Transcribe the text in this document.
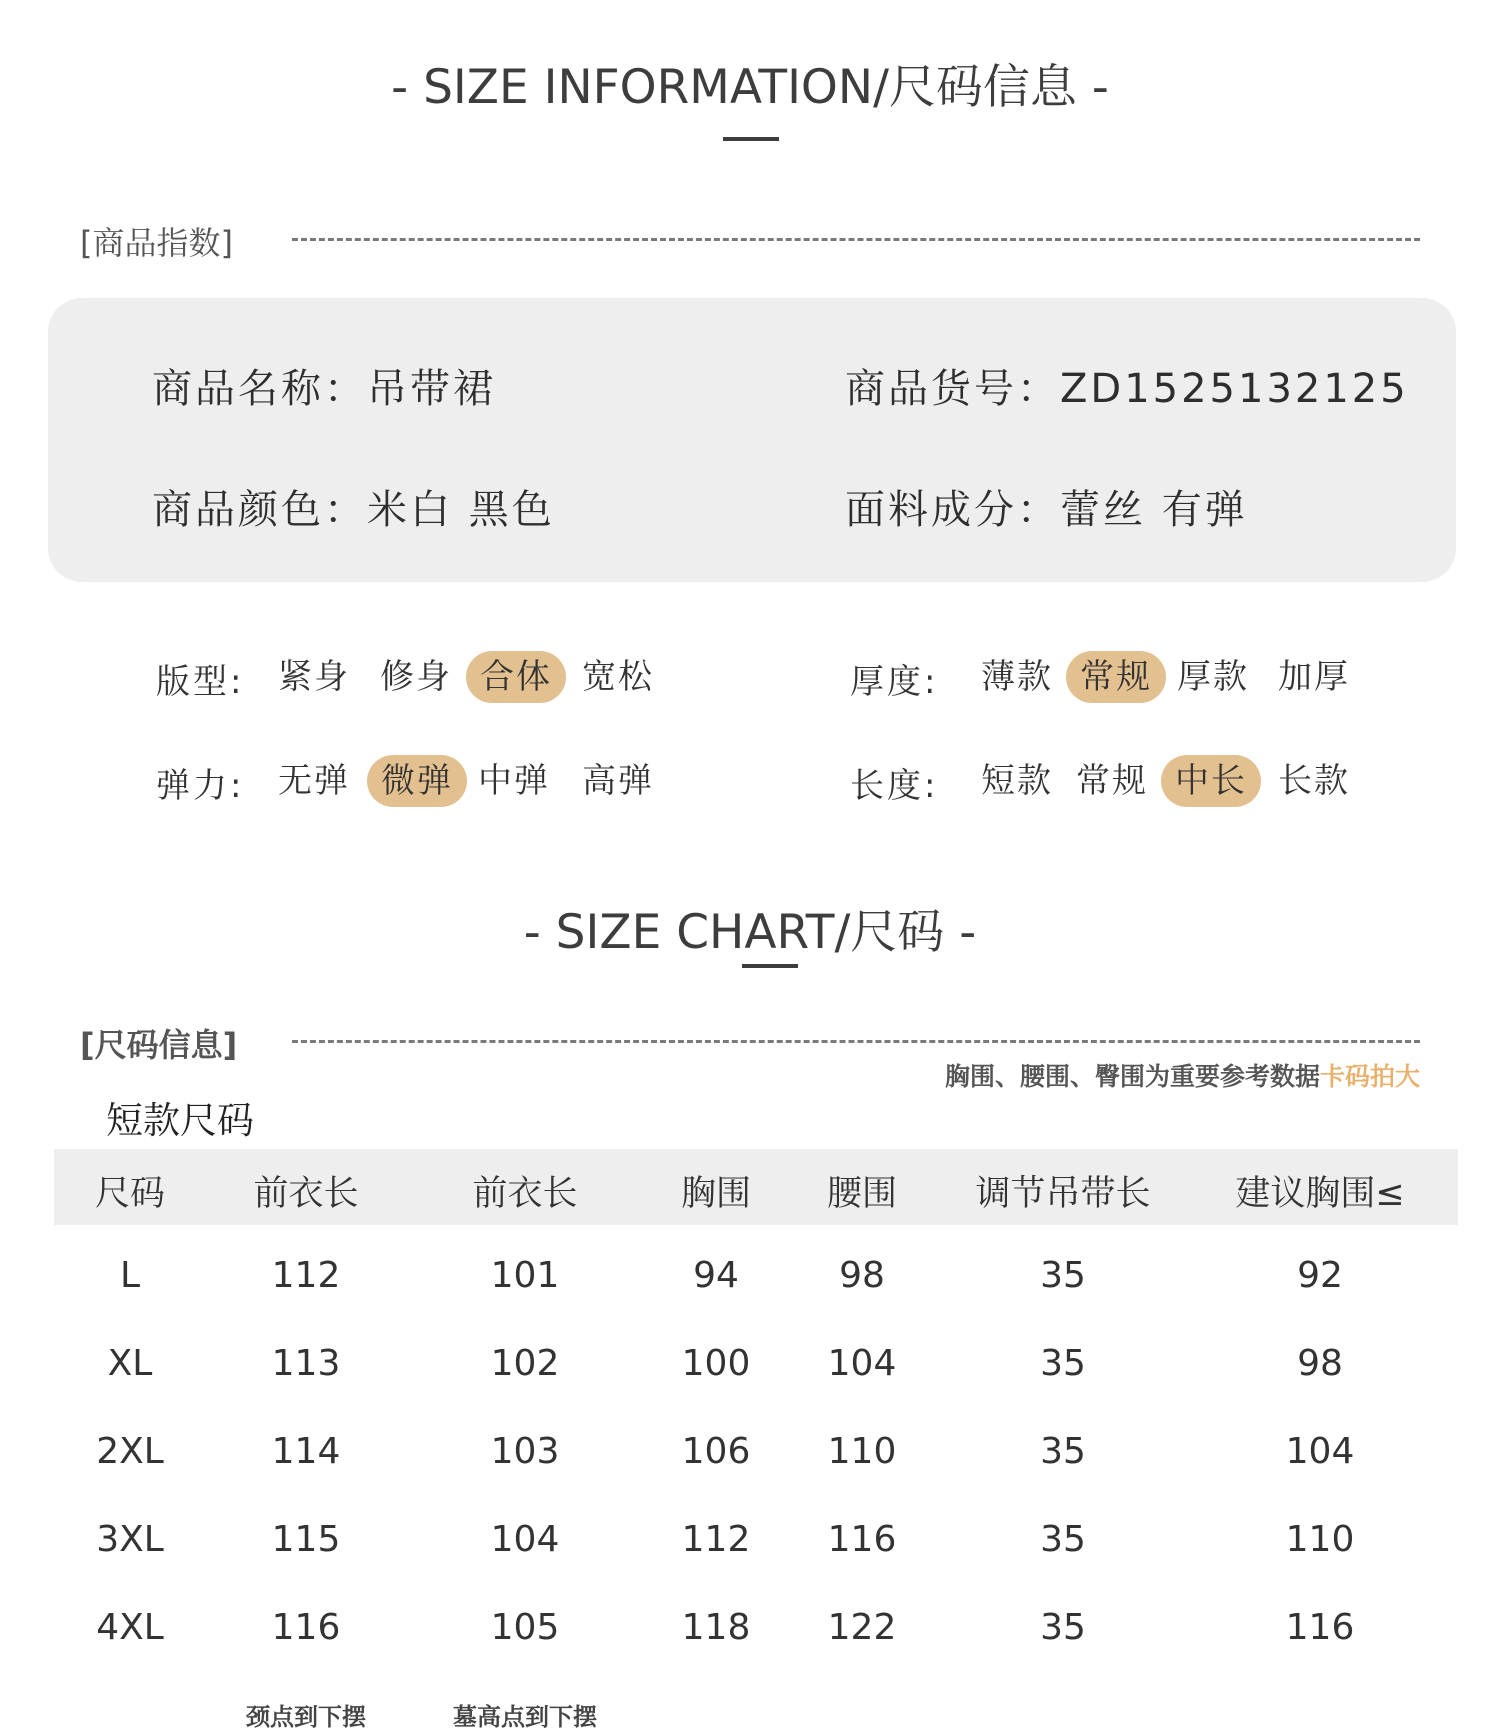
- SIZE INFORMATION/尺码信息 -
[商品指数]
商品名称：吊带裙	商品货号：ZD1525132125
商品颜色：米白 黑色	面料成分：蕾丝 有弹
版型: 紧身 修身 合体 宽松
弹力: 无弹 微弹 中弹 高弹
厚度: 薄款 常规 厚款 加厚
长度: 短款 常规 中长 长款
- SIZE CHART/尺码 -
[尺码信息]
胸围、腰围、臀围为重要参考数据卡码拍大
短款尺码
尺码	前衣长	前衣长	胸围 腰围 调节吊带长 建议胸围≤
L	112	101	94	98	35	92
XL	113	102	100 104	35	98
2XL	114	103	106 110	35	104
3XL	115	104	112 116	35	110
4XL	116	105	118 122	35	116
颈点到下摆	墓高点到下摆
